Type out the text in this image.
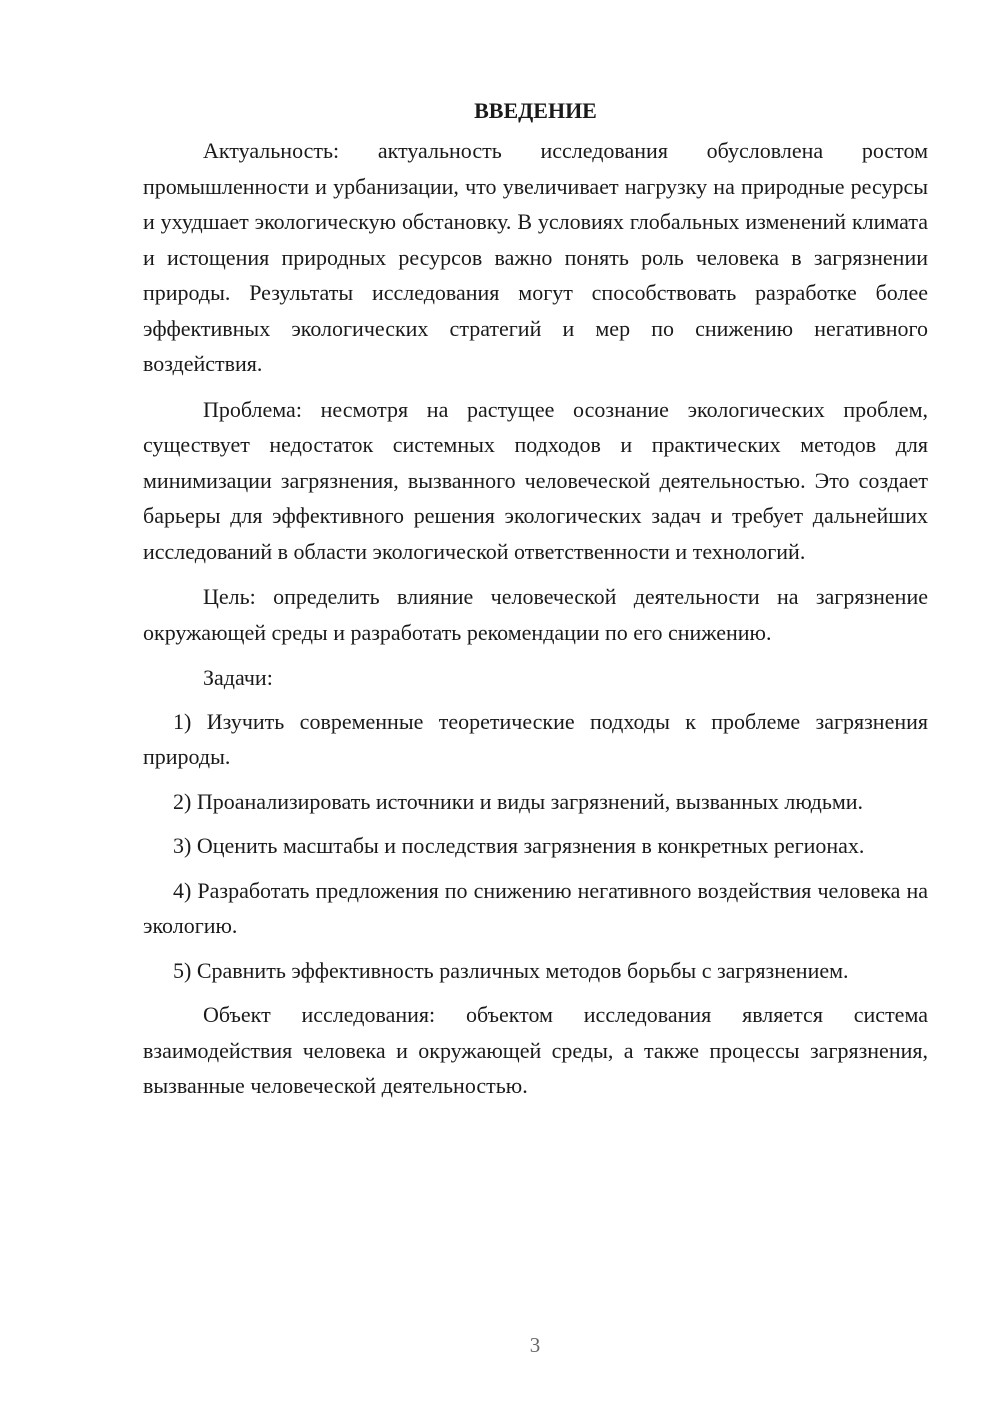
ВВЕДЕНИЕ

Актуальность: актуальность исследования обусловлена ростом промышленности и урбанизации, что увеличивает нагрузку на природные ресурсы и ухудшает экологическую обстановку. В условиях глобальных изменений климата и истощения природных ресурсов важно понять роль человека в загрязнении природы. Результаты исследования могут способствовать разработке более эффективных экологических стратегий и мер по снижению негативного воздействия.

Проблема: несмотря на растущее осознание экологических проблем, существует недостаток системных подходов и практических методов для минимизации загрязнения, вызванного человеческой деятельностью. Это создает барьеры для эффективного решения экологических задач и требует дальнейших исследований в области экологической ответственности и технологий.

Цель: определить влияние человеческой деятельности на загрязнение окружающей среды и разработать рекомендации по его снижению.

Задачи:

1) Изучить современные теоретические подходы к проблеме загрязнения природы.

2) Проанализировать источники и виды загрязнений, вызванных людьми.

3) Оценить масштабы и последствия загрязнения в конкретных регионах.

4) Разработать предложения по снижению негативного воздействия человека на экологию.

5) Сравнить эффективность различных методов борьбы с загрязнением.

Объект исследования: объектом исследования является система взаимодействия человека и окружающей среды, а также процессы загрязнения, вызванные человеческой деятельностью.

3
